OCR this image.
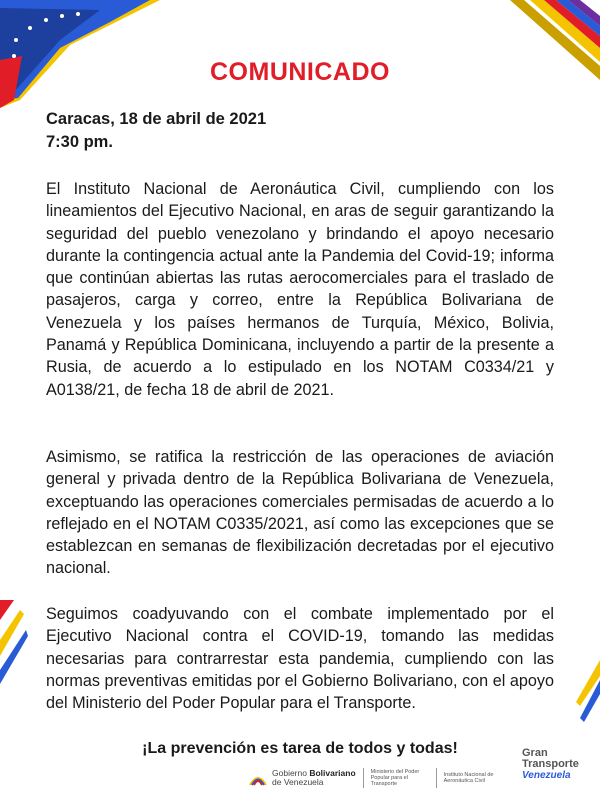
COMUNICADO
Caracas, 18 de abril de 2021
7:30 pm.
El Instituto Nacional de Aeronáutica Civil, cumpliendo con los lineamientos del Ejecutivo Nacional, en aras de seguir garantizando la seguridad del pueblo venezolano y brindando el apoyo necesario durante la contingencia actual ante la Pandemia del Covid-19; informa que continúan abiertas las rutas aerocomerciales para el traslado de pasajeros, carga y correo, entre la República Bolivariana de Venezuela y los países hermanos de Turquía, México, Bolivia, Panamá y República Dominicana, incluyendo a partir de la presente a Rusia, de acuerdo a lo estipulado en los NOTAM C0334/21 y A0138/21, de fecha 18 de abril de 2021.
Asimismo, se ratifica la restricción de las operaciones de aviación general y privada dentro de la República Bolivariana de Venezuela, exceptuando las operaciones comerciales permisadas de acuerdo a lo reflejado en el NOTAM C0335/2021, así como las excepciones que se establezcan en semanas de flexibilización decretadas por el ejecutivo nacional.
Seguimos coadyuvando con el combate implementado por el Ejecutivo Nacional contra el COVID-19, tomando las medidas necesarias para contrarrestar esta pandemia, cumpliendo con las normas preventivas emitidas por el Gobierno Bolivariano, con el apoyo del Ministerio del Poder Popular para el Transporte.
¡La prevención es tarea de todos y todas!
Gobierno Bolivariano
de Venezuela
Ministerio del Poder Popular para el Transporte
Instituto Nacional de Aeronáutica Civil
Gran
Transporte
Venezuela
